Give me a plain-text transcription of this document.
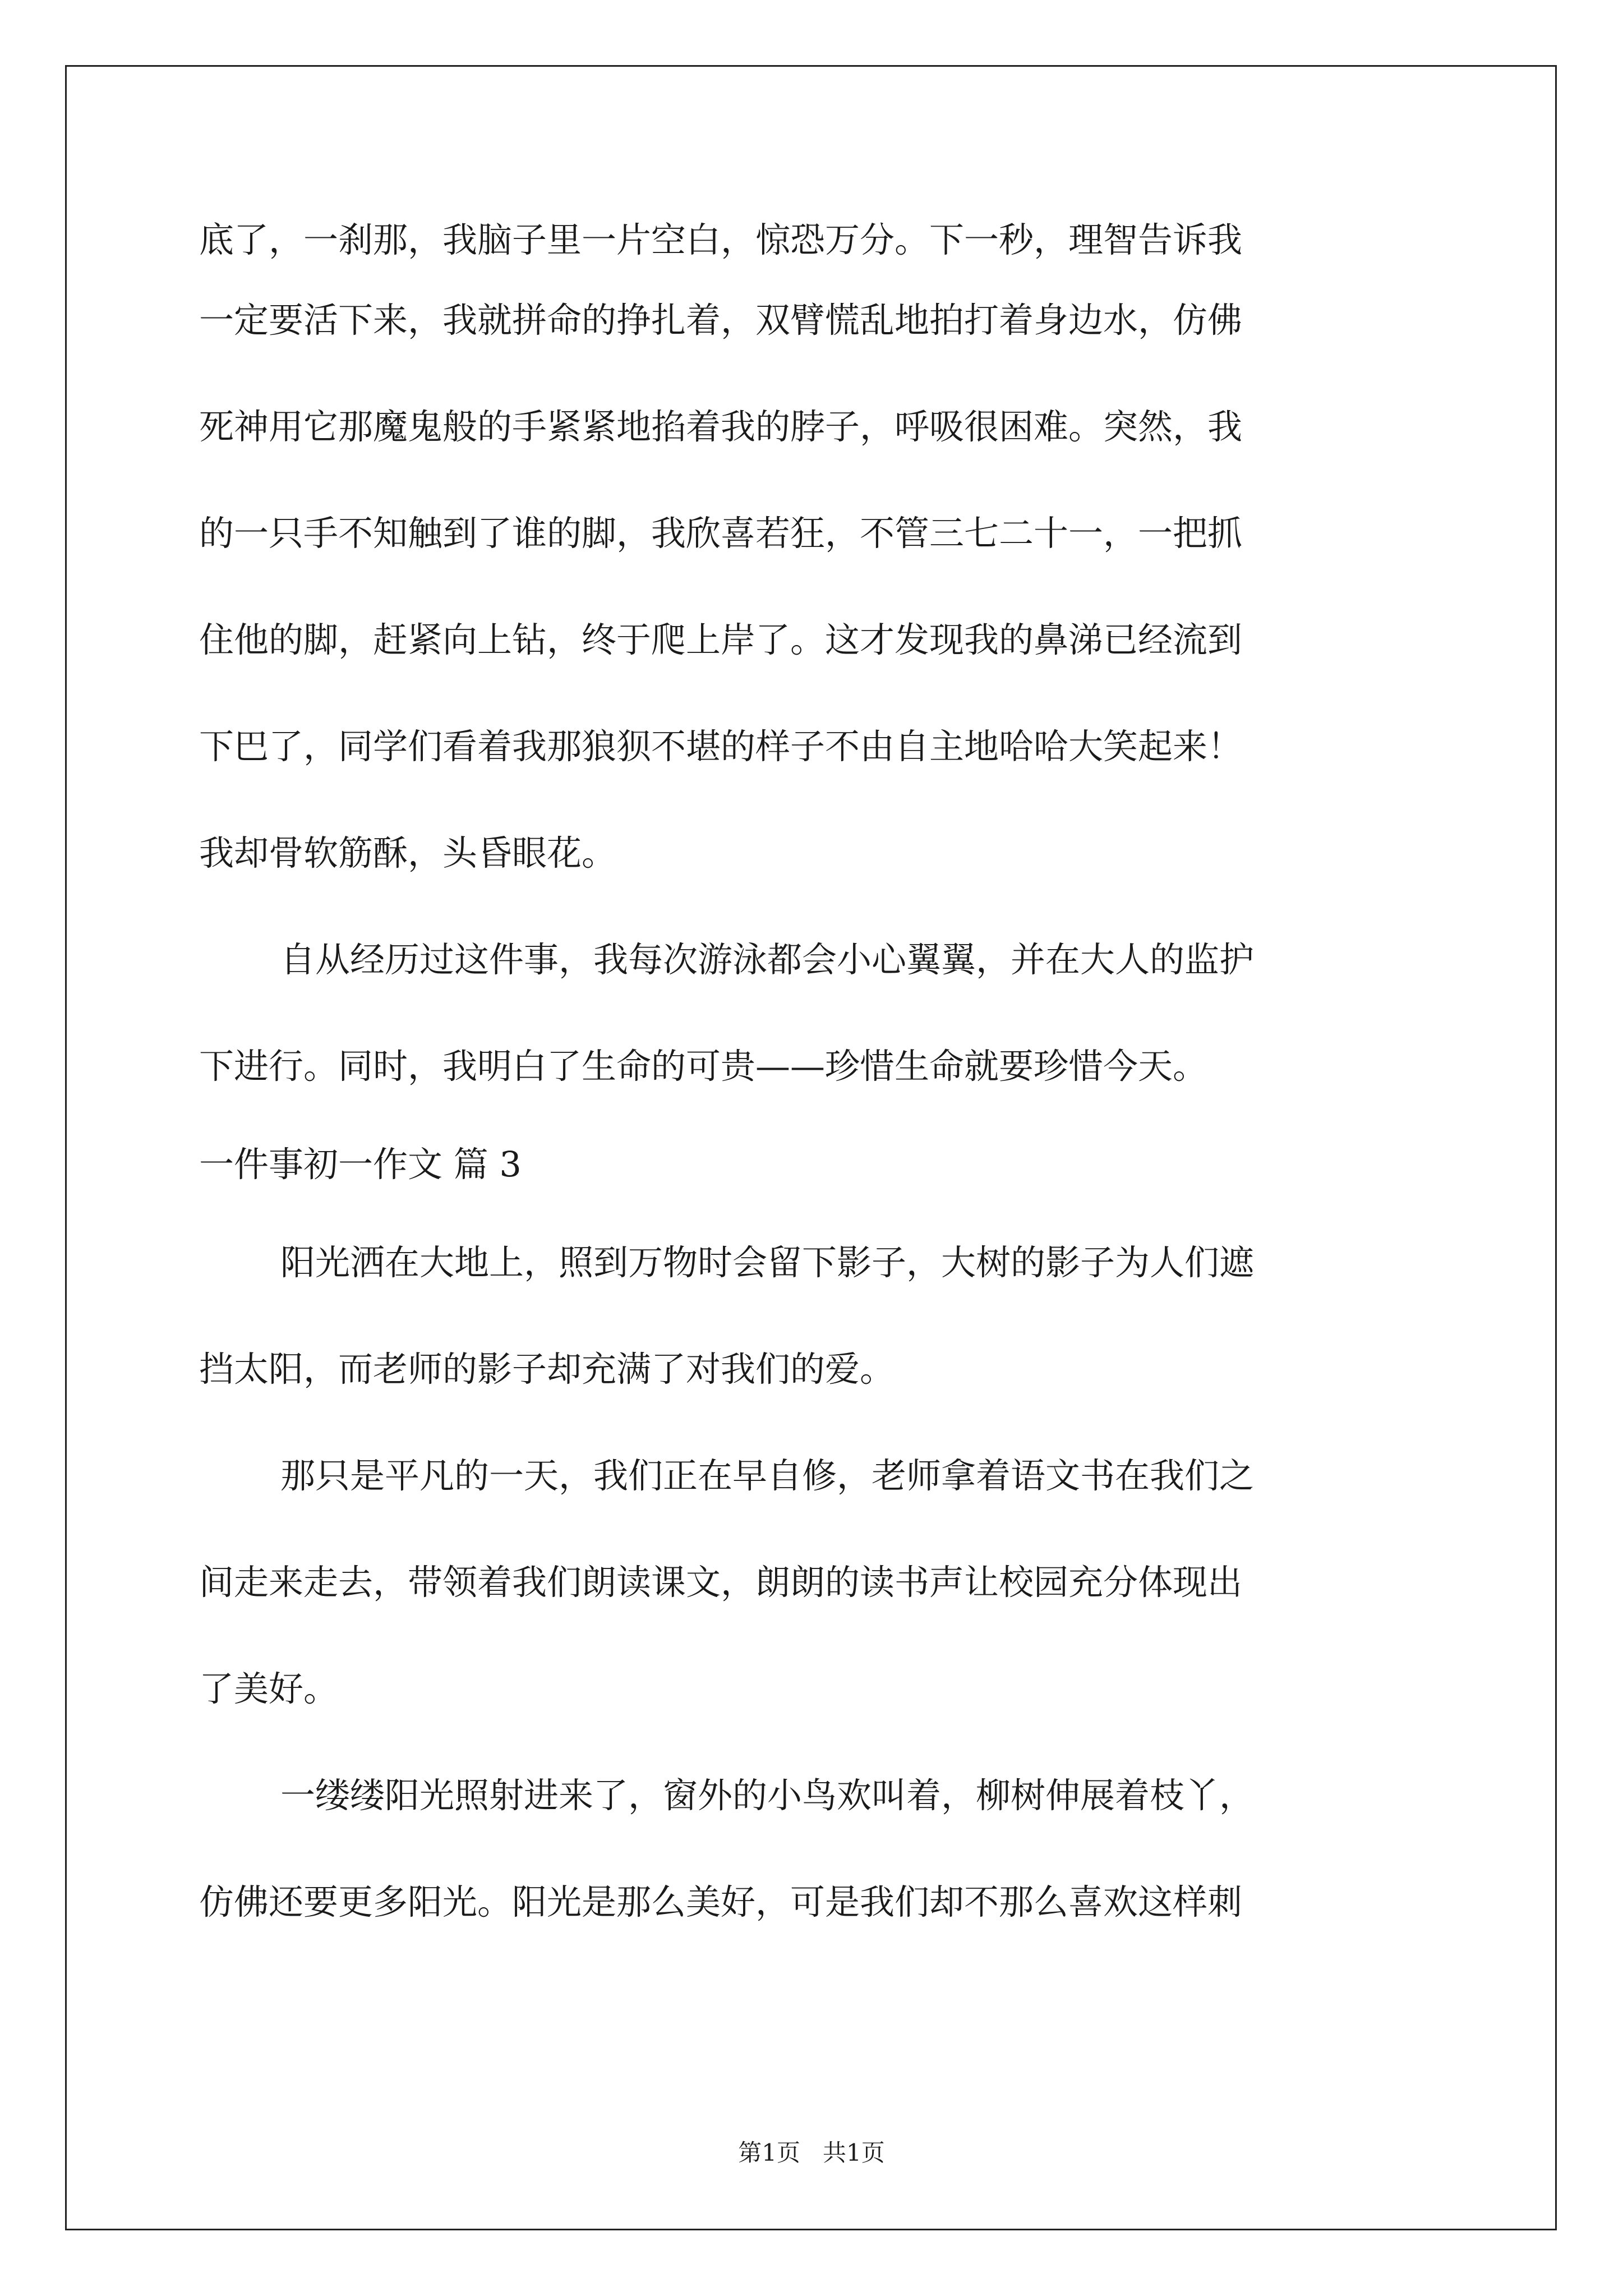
底了，一刹那，我脑子里一片空白，惊恐万分。下一秒，理智告诉我
一定要活下来，我就拼命的挣扎着，双臂慌乱地拍打着身边水，仿佛
死神用它那魔鬼般的手紧紧地掐着我的脖子，呼吸很困难。突然，我
的一只手不知触到了谁的脚，我欣喜若狂，不管三七二十一，一把抓
住他的脚，赶紧向上钻，终于爬上岸了。这才发现我的鼻涕已经流到
下巴了，同学们看着我那狼狈不堪的样子不由自主地哈哈大笑起来！
我却骨软筋酥，头昏眼花。
自从经历过这件事，我每次游泳都会小心翼翼，并在大人的监护
下进行。同时，我明白了生命的可贵——珍惜生命就要珍惜今天。
一件事初一作文 篇 3
阳光洒在大地上，照到万物时会留下影子，大树的影子为人们遮
挡太阳，而老师的影子却充满了对我们的爱。
那只是平凡的一天，我们正在早自修，老师拿着语文书在我们之
间走来走去，带领着我们朗读课文，朗朗的读书声让校园充分体现出
了美好。
一缕缕阳光照射进来了，窗外的小鸟欢叫着，柳树伸展着枝丫，
仿佛还要更多阳光。阳光是那么美好，可是我们却不那么喜欢这样刺
第1页 共1页
